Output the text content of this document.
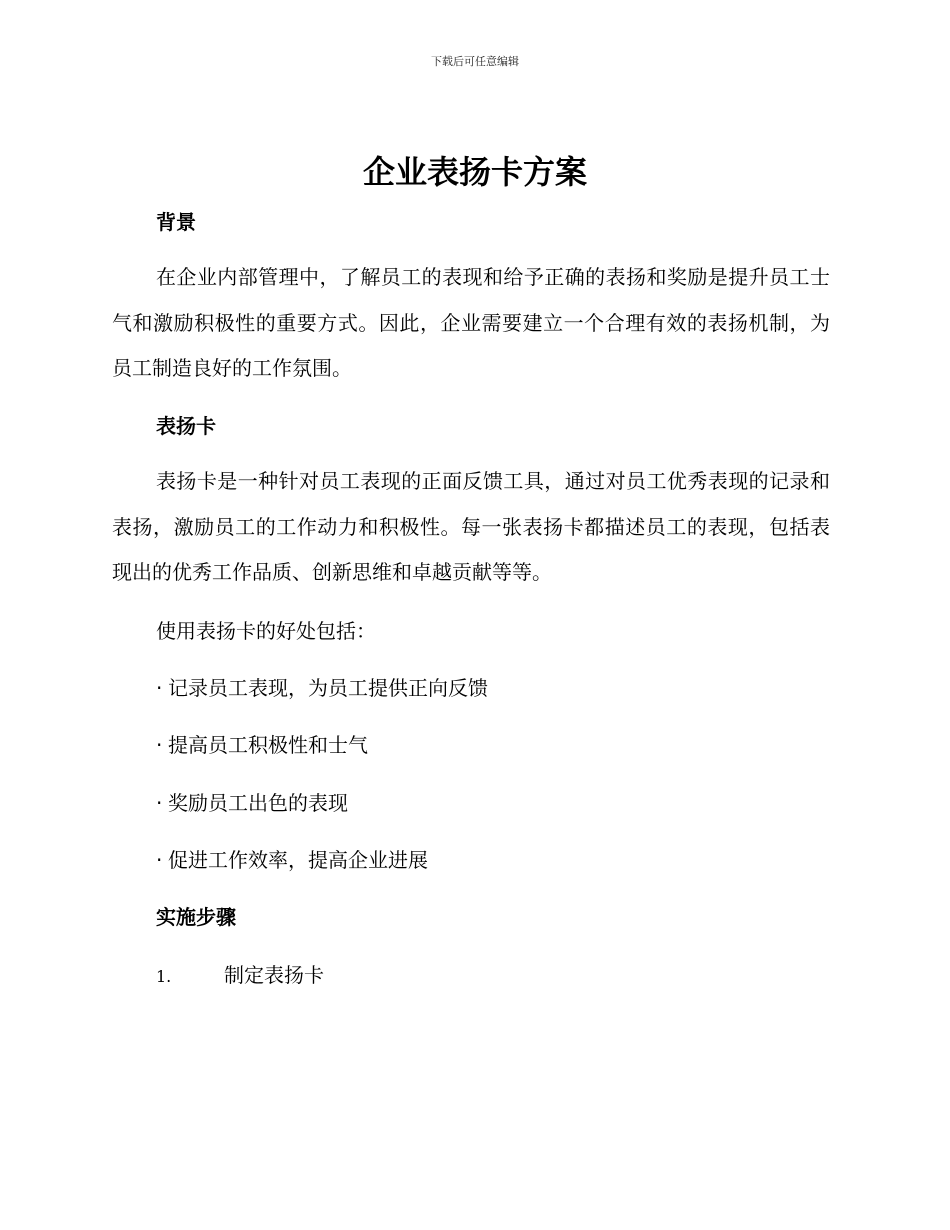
下载后可任意编辑
企业表扬卡方案
背景

在企业内部管理中，了解员工的表现和给予正确的表扬和奖励是提升员工士气和激励积极性的重要方式。因此，企业需要建立一个合理有效的表扬机制，为员工制造良好的工作氛围。

表扬卡

表扬卡是一种针对员工表现的正面反馈工具，通过对员工优秀表现的记录和表扬，激励员工的工作动力和积极性。每一张表扬卡都描述员工的表现，包括表现出的优秀工作品质、创新思维和卓越贡献等等。

使用表扬卡的好处包括：

· 记录员工表现，为员工提供正向反馈
· 提高员工积极性和士气
· 奖励员工出色的表现
· 促进工作效率，提高企业进展
实施步骤
1.	制定表扬卡
